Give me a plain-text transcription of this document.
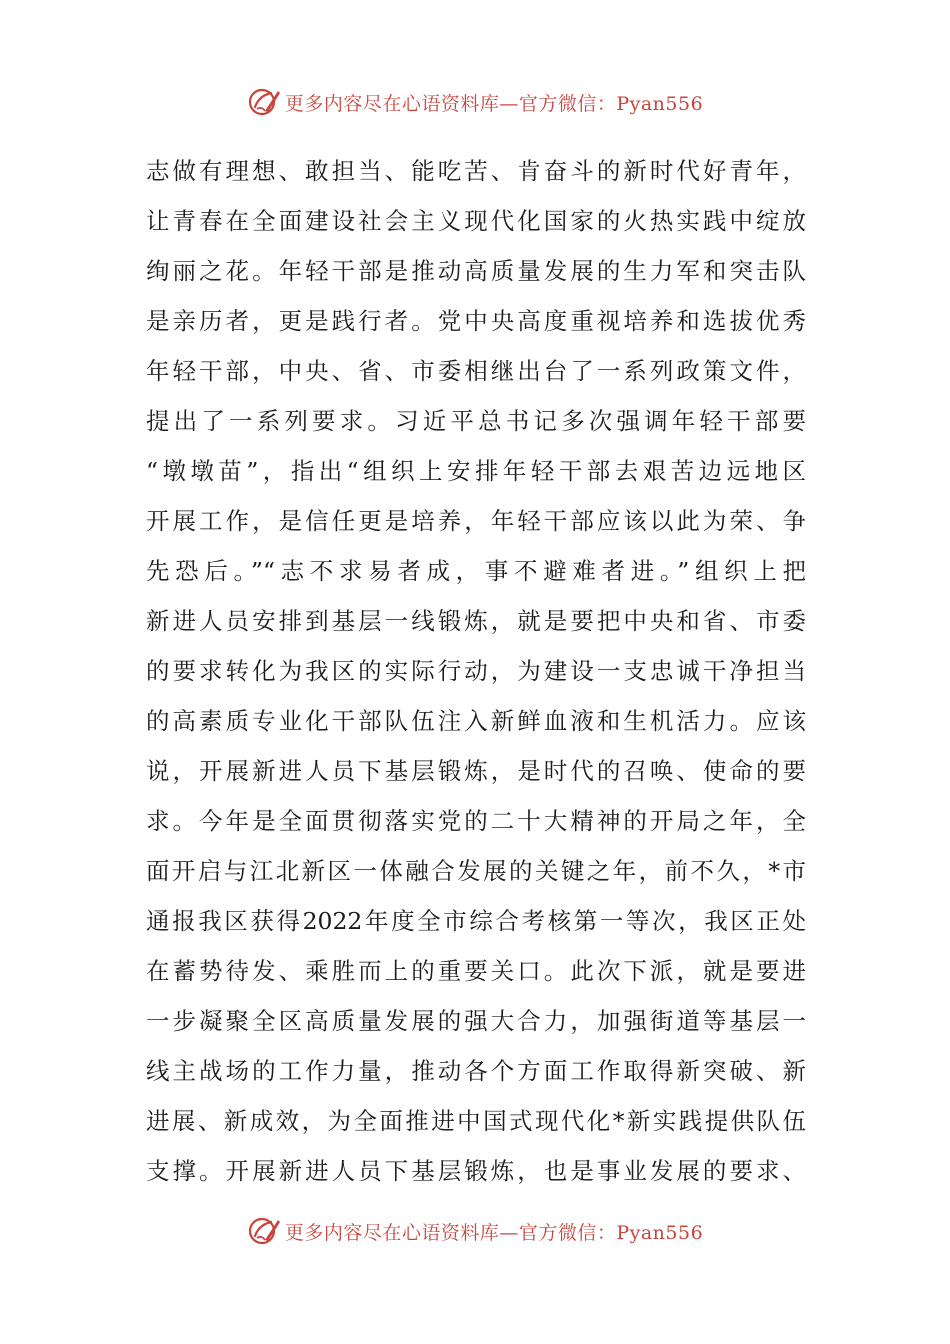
更多内容尽在心语资料库—官方微信：Pyan556
志做有理想、敢担当、能吃苦、肯奋斗的新时代好青年，
让青春在全面建设社会主义现代化国家的火热实践中绽放
绚丽之花。年轻干部是推动高质量发展的生力军和突击队
是亲历者，更是践行者。党中央高度重视培养和选拔优秀
年轻干部，中央、省、市委相继出台了一系列政策文件，
提出了一系列要求。习近平总书记多次强调年轻干部要
“墩墩苗”，指出“组织上安排年轻干部去艰苦边远地区
开展工作，是信任更是培养，年轻干部应该以此为荣、争
先恐后。”“志不求易者成，事不避难者进。”组织上把
新进人员安排到基层一线锻炼，就是要把中央和省、市委
的要求转化为我区的实际行动，为建设一支忠诚干净担当
的高素质专业化干部队伍注入新鲜血液和生机活力。应该
说，开展新进人员下基层锻炼，是时代的召唤、使命的要
求。今年是全面贯彻落实党的二十大精神的开局之年，全
面开启与江北新区一体融合发展的关键之年，前不久，*市
通报我区获得2022年度全市综合考核第一等次，我区正处
在蓄势待发、乘胜而上的重要关口。此次下派，就是要进
一步凝聚全区高质量发展的强大合力，加强街道等基层一
线主战场的工作力量，推动各个方面工作取得新突破、新
进展、新成效，为全面推进中国式现代化*新实践提供队伍
支撑。开展新进人员下基层锻炼，也是事业发展的要求、
更多内容尽在心语资料库—官方微信：Pyan556
